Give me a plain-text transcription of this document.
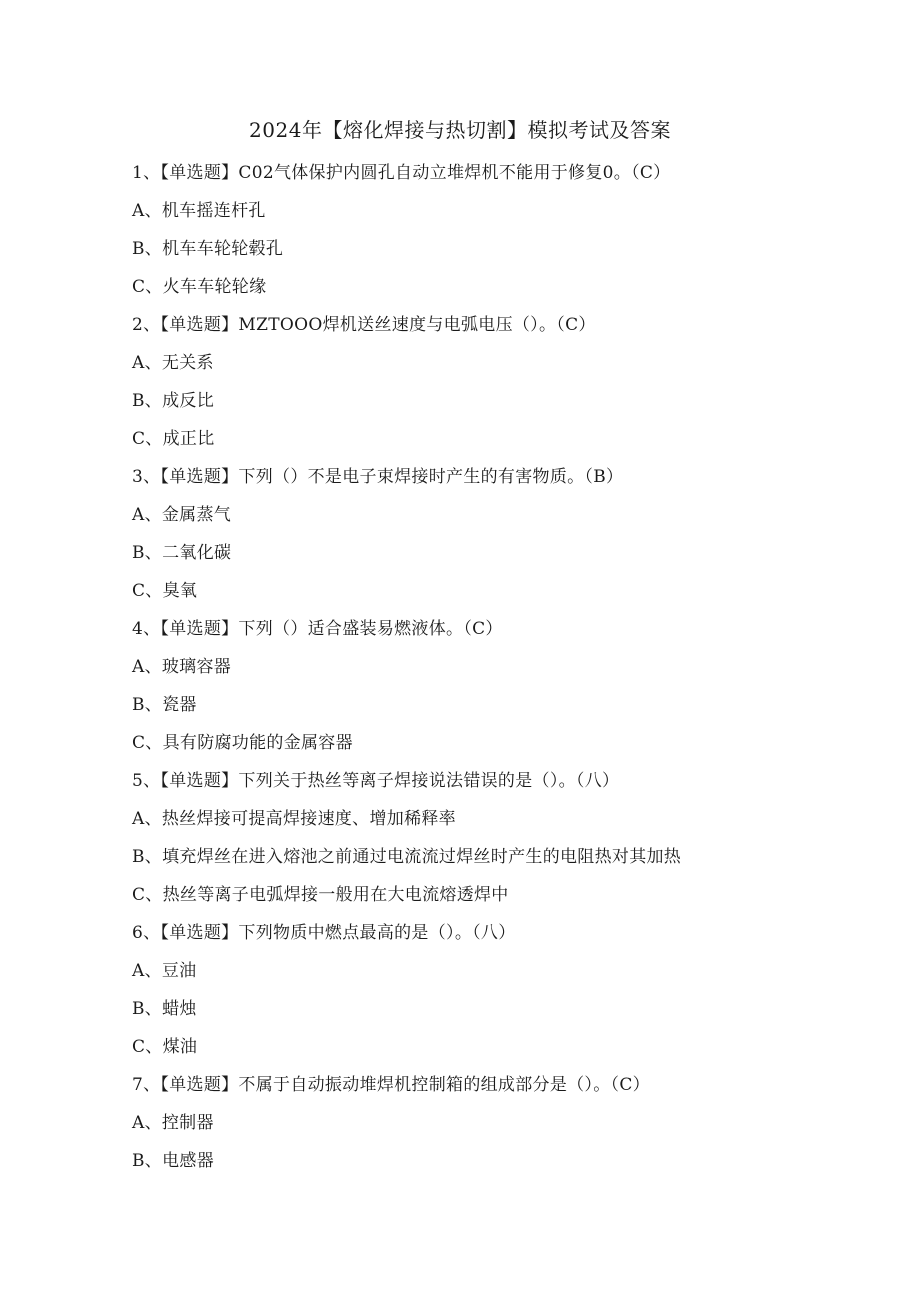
2024年【熔化焊接与热切割】模拟考试及答案
1、【单选题】C02气体保护内圆孔自动立堆焊机不能用于修复0。（C）
A、机车摇连杆孔
B、机车车轮轮毂孔
C、火车车轮轮缘
2、【单选题】MZTOOO焊机送丝速度与电弧电压（）。（C）
A、无关系
B、成反比
C、成正比
3、【单选题】下列（）不是电子束焊接时产生的有害物质。（B）
A、金属蒸气
B、二氧化碳
C、臭氧
4、【单选题】下列（）适合盛装易燃液体。（C）
A、玻璃容器
B、瓷器
C、具有防腐功能的金属容器
5、【单选题】下列关于热丝等离子焊接说法错误的是（）。（八）
A、热丝焊接可提高焊接速度、增加稀释率
B、填充焊丝在进入熔池之前通过电流流过焊丝时产生的电阻热对其加热
C、热丝等离子电弧焊接一般用在大电流熔透焊中
6、【单选题】下列物质中燃点最高的是（）。（八）
A、豆油
B、蜡烛
C、煤油
7、【单选题】不属于自动振动堆焊机控制箱的组成部分是（）。（C）
A、控制器
B、电感器
